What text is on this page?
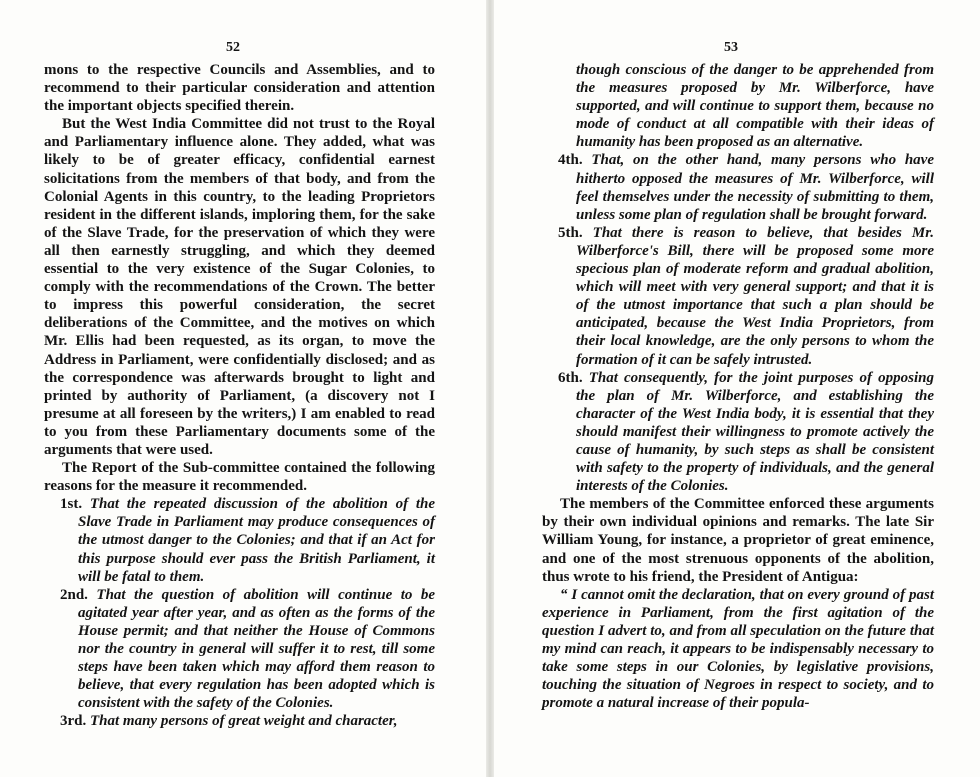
52

mons to the respective Councils and Assemblies, and to recommend to their particular consideration and attention the important objects specified therein.

But the West India Committee did not trust to the Royal and Parliamentary influence alone. They added, what was likely to be of greater efficacy, confidential earnest solicitations from the members of that body, and from the Colonial Agents in this country, to the leading Proprietors resident in the different islands, imploring them, for the sake of the Slave Trade, for the preservation of which they were all then earnestly struggling, and which they deemed essential to the very existence of the Sugar Colonies, to comply with the recommendations of the Crown. The better to impress this powerful consideration, the secret deliberations of the Committee, and the motives on which Mr. Ellis had been requested, as its organ, to move the Address in Parliament, were confidentially disclosed; and as the correspondence was afterwards brought to light and printed by authority of Parliament, (a discovery not I presume at all foreseen by the writers,) I am enabled to read to you from these Parliamentary documents some of the arguments that were used.

The Report of the Sub-committee contained the following reasons for the measure it recommended.

1st. That the repeated discussion of the abolition of the Slave Trade in Parliament may produce consequences of the utmost danger to the Colonies; and that if an Act for this purpose should ever pass the British Parliament, it will be fatal to them.

2nd. That the question of abolition will continue to be agitated year after year, and as often as the forms of the House permit; and that neither the House of Commons nor the country in general will suffer it to rest, till some steps have been taken which may afford them reason to believe, that every regulation has been adopted which is consistent with the safety of the Colonies.

3rd. That many persons of great weight and character,

53

though conscious of the danger to be apprehended from the measures proposed by Mr. Wilberforce, have supported, and will continue to support them, because no mode of conduct at all compatible with their ideas of humanity has been proposed as an alternative.

4th. That, on the other hand, many persons who have hitherto opposed the measures of Mr. Wilberforce, will feel themselves under the necessity of submitting to them, unless some plan of regulation shall be brought forward.

5th. That there is reason to believe, that besides Mr. Wilberforce's Bill, there will be proposed some more specious plan of moderate reform and gradual abolition, which will meet with very general support; and that it is of the utmost importance that such a plan should be anticipated, because the West India Proprietors, from their local knowledge, are the only persons to whom the formation of it can be safely intrusted.

6th. That consequently, for the joint purposes of opposing the plan of Mr. Wilberforce, and establishing the character of the West India body, it is essential that they should manifest their willingness to promote actively the cause of humanity, by such steps as shall be consistent with safety to the property of individuals, and the general interests of the Colonies.

The members of the Committee enforced these arguments by their own individual opinions and remarks. The late Sir William Young, for instance, a proprietor of great eminence, and one of the most strenuous opponents of the abolition, thus wrote to his friend, the President of Antigua:

“ I cannot omit the declaration, that on every ground of past experience in Parliament, from the first agitation of the question I advert to, and from all speculation on the future that my mind can reach, it appears to be indispensably necessary to take some steps in our Colonies, by legislative provisions, touching the situation of Negroes in respect to society, and to promote a natural increase of their popula-
